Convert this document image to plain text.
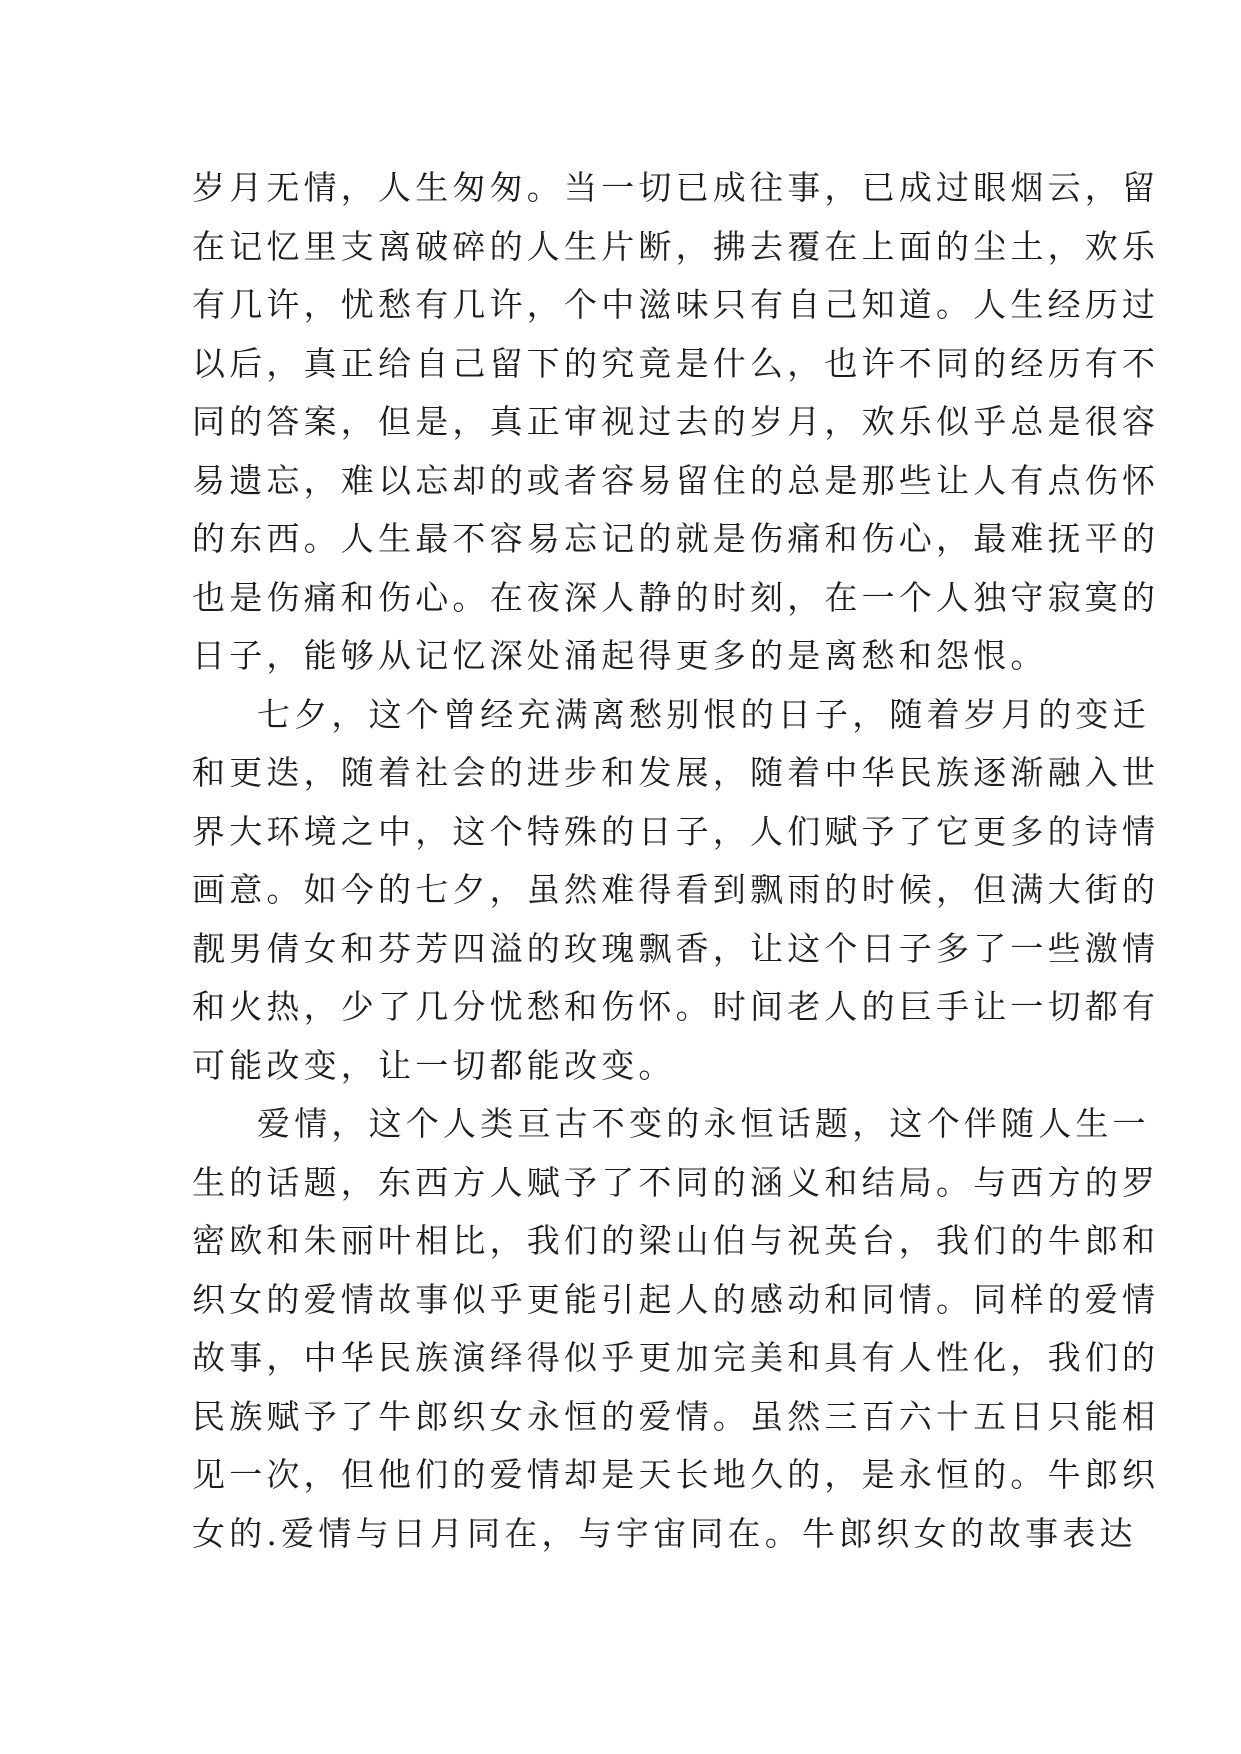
岁月无情，人生匆匆。当一切已成往事，已成过眼烟云，留
在记忆里支离破碎的人生片断，拂去覆在上面的尘土，欢乐
有几许，忧愁有几许，个中滋味只有自己知道。人生经历过
以后，真正给自己留下的究竟是什么，也许不同的经历有不
同的答案，但是，真正审视过去的岁月，欢乐似乎总是很容
易遗忘，难以忘却的或者容易留住的总是那些让人有点伤怀
的东西。人生最不容易忘记的就是伤痛和伤心，最难抚平的
也是伤痛和伤心。在夜深人静的时刻，在一个人独守寂寞的
日子，能够从记忆深处涌起得更多的是离愁和怨恨。
七夕，这个曾经充满离愁别恨的日子，随着岁月的变迁
和更迭，随着社会的进步和发展，随着中华民族逐渐融入世
界大环境之中，这个特殊的日子，人们赋予了它更多的诗情
画意。如今的七夕，虽然难得看到飘雨的时候，但满大街的
靓男倩女和芬芳四溢的玫瑰飘香，让这个日子多了一些激情
和火热，少了几分忧愁和伤怀。时间老人的巨手让一切都有
可能改变，让一切都能改变。
爱情，这个人类亘古不变的永恒话题，这个伴随人生一
生的话题，东西方人赋予了不同的涵义和结局。与西方的罗
密欧和朱丽叶相比，我们的梁山伯与祝英台，我们的牛郎和
织女的爱情故事似乎更能引起人的感动和同情。同样的爱情
故事，中华民族演绎得似乎更加完美和具有人性化，我们的
民族赋予了牛郎织女永恒的爱情。虽然三百六十五日只能相
见一次，但他们的爱情却是天长地久的，是永恒的。牛郎织
女的.爱情与日月同在，与宇宙同在。牛郎织女的故事表达
